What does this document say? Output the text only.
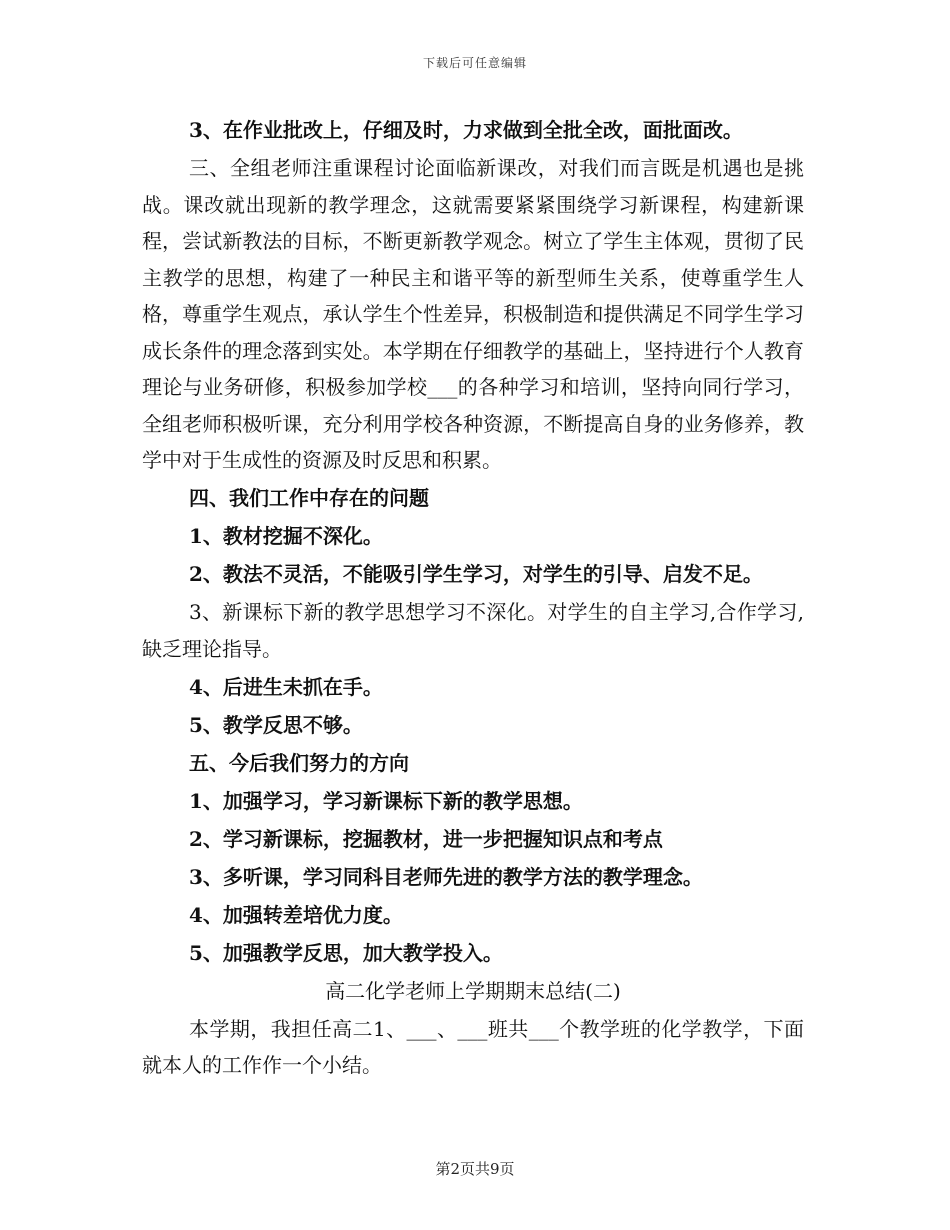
下载后可任意编辑

3、在作业批改上，仔细及时，力求做到全批全改，面批面改。

三、全组老师注重课程讨论面临新课改，对我们而言既是机遇也是挑战。课改就出现新的教学理念，这就需要紧紧围绕学习新课程，构建新课程，尝试新教法的目标，不断更新教学观念。树立了学生主体观，贯彻了民主教学的思想，构建了一种民主和谐平等的新型师生关系，使尊重学生人格，尊重学生观点，承认学生个性差异，积极制造和提供满足不同学生学习成长条件的理念落到实处。本学期在仔细教学的基础上，坚持进行个人教育理论与业务研修，积极参加学校___的各种学习和培训，坚持向同行学习，全组老师积极听课，充分利用学校各种资源，不断提高自身的业务修养，教学中对于生成性的资源及时反思和积累。

四、我们工作中存在的问题

1、教材挖掘不深化。

2、教法不灵活，不能吸引学生学习，对学生的引导、启发不足。

3、新课标下新的教学思想学习不深化。对学生的自主学习,合作学习,缺乏理论指导。

4、后进生未抓在手。

5、教学反思不够。

五、今后我们努力的方向

1、加强学习，学习新课标下新的教学思想。

2、学习新课标，挖掘教材，进一步把握知识点和考点

3、多听课，学习同科目老师先进的教学方法的教学理念。

4、加强转差培优力度。

5、加强教学反思，加大教学投入。

高二化学老师上学期期末总结(二)

本学期，我担任高二1、___、___班共___个教学班的化学教学，下面就本人的工作作一个小结。

第2页共9页
